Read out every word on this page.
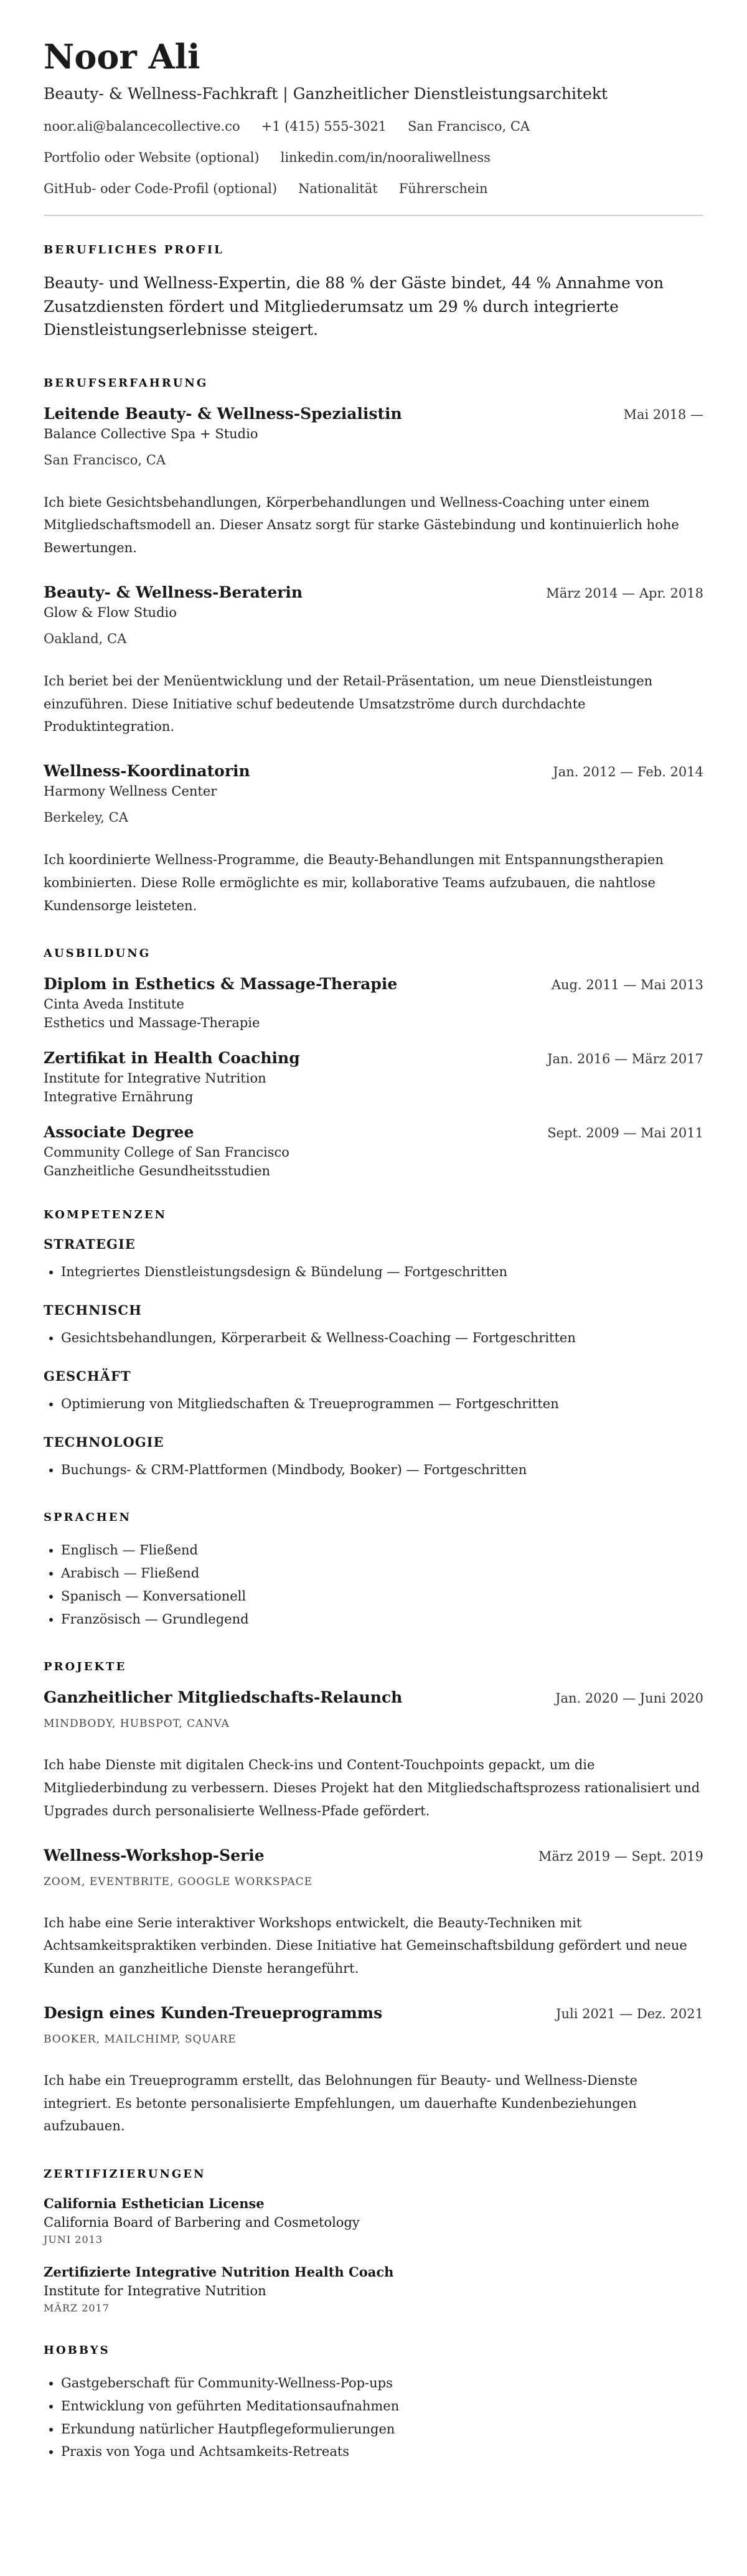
Noor Ali
Beauty- & Wellness-Fachkraft | Ganzheitlicher Dienstleistungsarchitekt
noor.ali@balancecollective.co +1 (415) 555-3021 San Francisco, CA
Portfolio oder Website (optional) linkedin.com/in/nooraliwellness
GitHub- oder Code-Profil (optional) Nationalität Führerschein
BERUFLICHES PROFIL

Beauty- und Wellness-Expertin, die 88 % der Gäste bindet, 44 % Annahme von Zusatzdiensten fördert und Mitgliederumsatz um 29 % durch integrierte Dienstleistungserlebnisse steigert.

BERUFSERFAHRUNG
Leitende Beauty- & Wellness-Spezialistin	Mai 2018 —
Balance Collective Spa + Studio
San Francisco, CA
Ich biete Gesichtsbehandlungen, Körperbehandlungen und Wellness-Coaching unter einem Mitgliedschaftsmodell an. Dieser Ansatz sorgt für starke Gästebindung und kontinuierlich hohe Bewertungen.
Beauty- & Wellness-Beraterin	März 2014 — Apr. 2018
Glow & Flow Studio
Oakland, CA
Ich beriet bei der Menüentwicklung und der Retail-Präsentation, um neue Dienstleistungen einzuführen. Diese Initiative schuf bedeutende Umsatzströme durch durchdachte Produktintegration.
Wellness-Koordinatorin	Jan. 2012 — Feb. 2014
Harmony Wellness Center
Berkeley, CA
Ich koordinierte Wellness-Programme, die Beauty-Behandlungen mit Entspannungstherapien kombinierten. Diese Rolle ermöglichte es mir, kollaborative Teams aufzubauen, die nahtlose Kundensorge leisteten.
AUSBILDUNG
Diplom in Esthetics & Massage-Therapie	Aug. 2011 — Mai 2013
Cinta Aveda Institute
Esthetics und Massage-Therapie
Zertifikat in Health Coaching	Jan. 2016 — März 2017
Institute for Integrative Nutrition
Integrative Ernährung
Associate Degree	Sept. 2009 — Mai 2011
Community College of San Francisco
Ganzheitliche Gesundheitsstudien
KOMPETENZEN
STRATEGIE
• Integriertes Dienstleistungsdesign & Bündelung — Fortgeschritten
TECHNISCH
• Gesichtsbehandlungen, Körperarbeit & Wellness-Coaching — Fortgeschritten
GESCHÄFT
• Optimierung von Mitgliedschaften & Treueprogrammen — Fortgeschritten
TECHNOLOGIE
• Buchungs- & CRM-Plattformen (Mindbody, Booker) — Fortgeschritten
SPRACHEN
• Englisch — Fließend
• Arabisch — Fließend
• Spanisch — Konversationell
• Französisch — Grundlegend
PROJEKTE
Ganzheitlicher Mitgliedschafts-Relaunch	Jan. 2020 — Juni 2020
MINDBODY, HUBSPOT, CANVA
Ich habe Dienste mit digitalen Check-ins und Content-Touchpoints gepackt, um die Mitgliederbindung zu verbessern. Dieses Projekt hat den Mitgliedschaftsprozess rationalisiert und Upgrades durch personalisierte Wellness-Pfade gefördert.
Wellness-Workshop-Serie	März 2019 — Sept. 2019
ZOOM, EVENTBRITE, GOOGLE WORKSPACE
Ich habe eine Serie interaktiver Workshops entwickelt, die Beauty-Techniken mit Achtsamkeitspraktiken verbinden. Diese Initiative hat Gemeinschaftsbildung gefördert und neue Kunden an ganzheitliche Dienste herangeführt.
Design eines Kunden-Treueprogramms	Juli 2021 — Dez. 2021
BOOKER, MAILCHIMP, SQUARE
Ich habe ein Treueprogramm erstellt, das Belohnungen für Beauty- und Wellness-Dienste integriert. Es betonte personalisierte Empfehlungen, um dauerhafte Kundenbeziehungen aufzubauen.
ZERTIFIZIERUNGEN
California Esthetician License
California Board of Barbering and Cosmetology
JUNI 2013
Zertifizierte Integrative Nutrition Health Coach
Institute for Integrative Nutrition
MÄRZ 2017
HOBBYS
• Gastgeberschaft für Community-Wellness-Pop-ups
• Entwicklung von geführten Meditationsaufnahmen
• Erkundung natürlicher Hautpflegeformulierungen
• Praxis von Yoga und Achtsamkeits-Retreats
